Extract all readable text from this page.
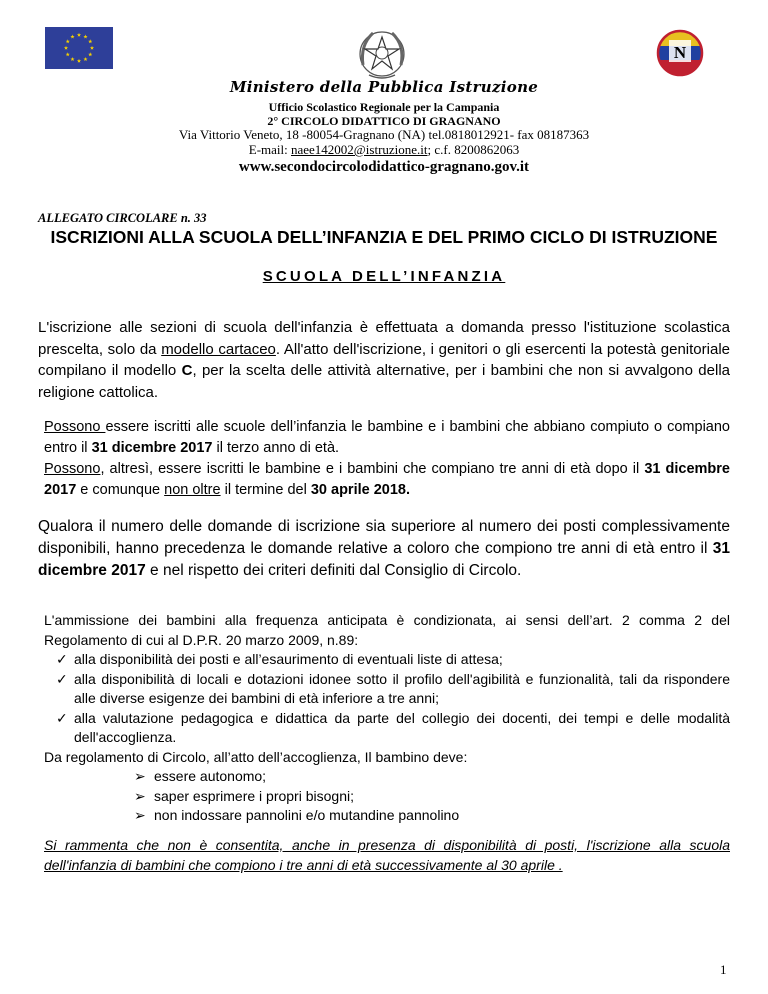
N
Ministero della Pubblica Istruzione
Ufficio Scolastico Regionale per la Campania
2° CIRCOLO DIDATTICO DI GRAGNANO
Via Vittorio Veneto, 18 -80054-Gragnano (NA) tel.0818012921- fax 08187363
E-mail: naee142002@istruzione.it; c.f. 8200862063
www.secondocircolodidattico-gragnano.gov.it
ALLEGATO CIRCOLARE n. 33
ISCRIZIONI ALLA SCUOLA DELL’INFANZIA E DEL PRIMO CICLO DI ISTRUZIONE
SCUOLA DELL’INFANZIA
L'iscrizione alle sezioni di scuola dell'infanzia è effettuata a domanda presso l'istituzione scolastica prescelta, solo da modello cartaceo. All'atto dell'iscrizione, i genitori o gli esercenti la potestà genitoriale compilano il modello C, per la scelta delle attività alternative, per i bambini che non si avvalgono della religione cattolica.
Possono essere iscritti alle scuole dell’infanzia le bambine e i bambini che abbiano compiuto o compiano entro il 31 dicembre 2017 il terzo anno di età.
Possono, altresì, essere iscritti le bambine e i bambini che compiano tre anni di età dopo il 31 dicembre 2017 e comunque non oltre il termine del 30 aprile 2018.
Qualora il numero delle domande di iscrizione sia superiore al numero dei posti complessivamente disponibili, hanno precedenza le domande relative a coloro che compiono tre anni di età entro il 31 dicembre 2017 e nel rispetto dei criteri definiti dal Consiglio di Circolo.
L'ammissione dei bambini alla frequenza anticipata è condizionata, ai sensi dell’art. 2 comma 2 del Regolamento di cui al D.P.R. 20 marzo 2009, n.89:
✓ alla disponibilità dei posti e all’esaurimento di eventuali liste di attesa;
✓ alla disponibilità di locali e dotazioni idonee sotto il profilo dell'agibilità e funzionalità, tali da rispondere alle diverse esigenze dei bambini di età inferiore a tre anni;
✓ alla valutazione pedagogica e didattica da parte del collegio dei docenti, dei tempi e delle modalità dell'accoglienza.
Da regolamento di Circolo, all’atto dell’accoglienza, Il bambino deve:
➢ essere autonomo;
➢ saper esprimere i propri bisogni;
➢ non indossare pannolini e/o mutandine pannolino
Si rammenta che non è consentita, anche in presenza di disponibilità di posti, l'iscrizione alla scuola dell'infanzia di bambini che compiono i tre anni di età successivamente al 30 aprile .
1
